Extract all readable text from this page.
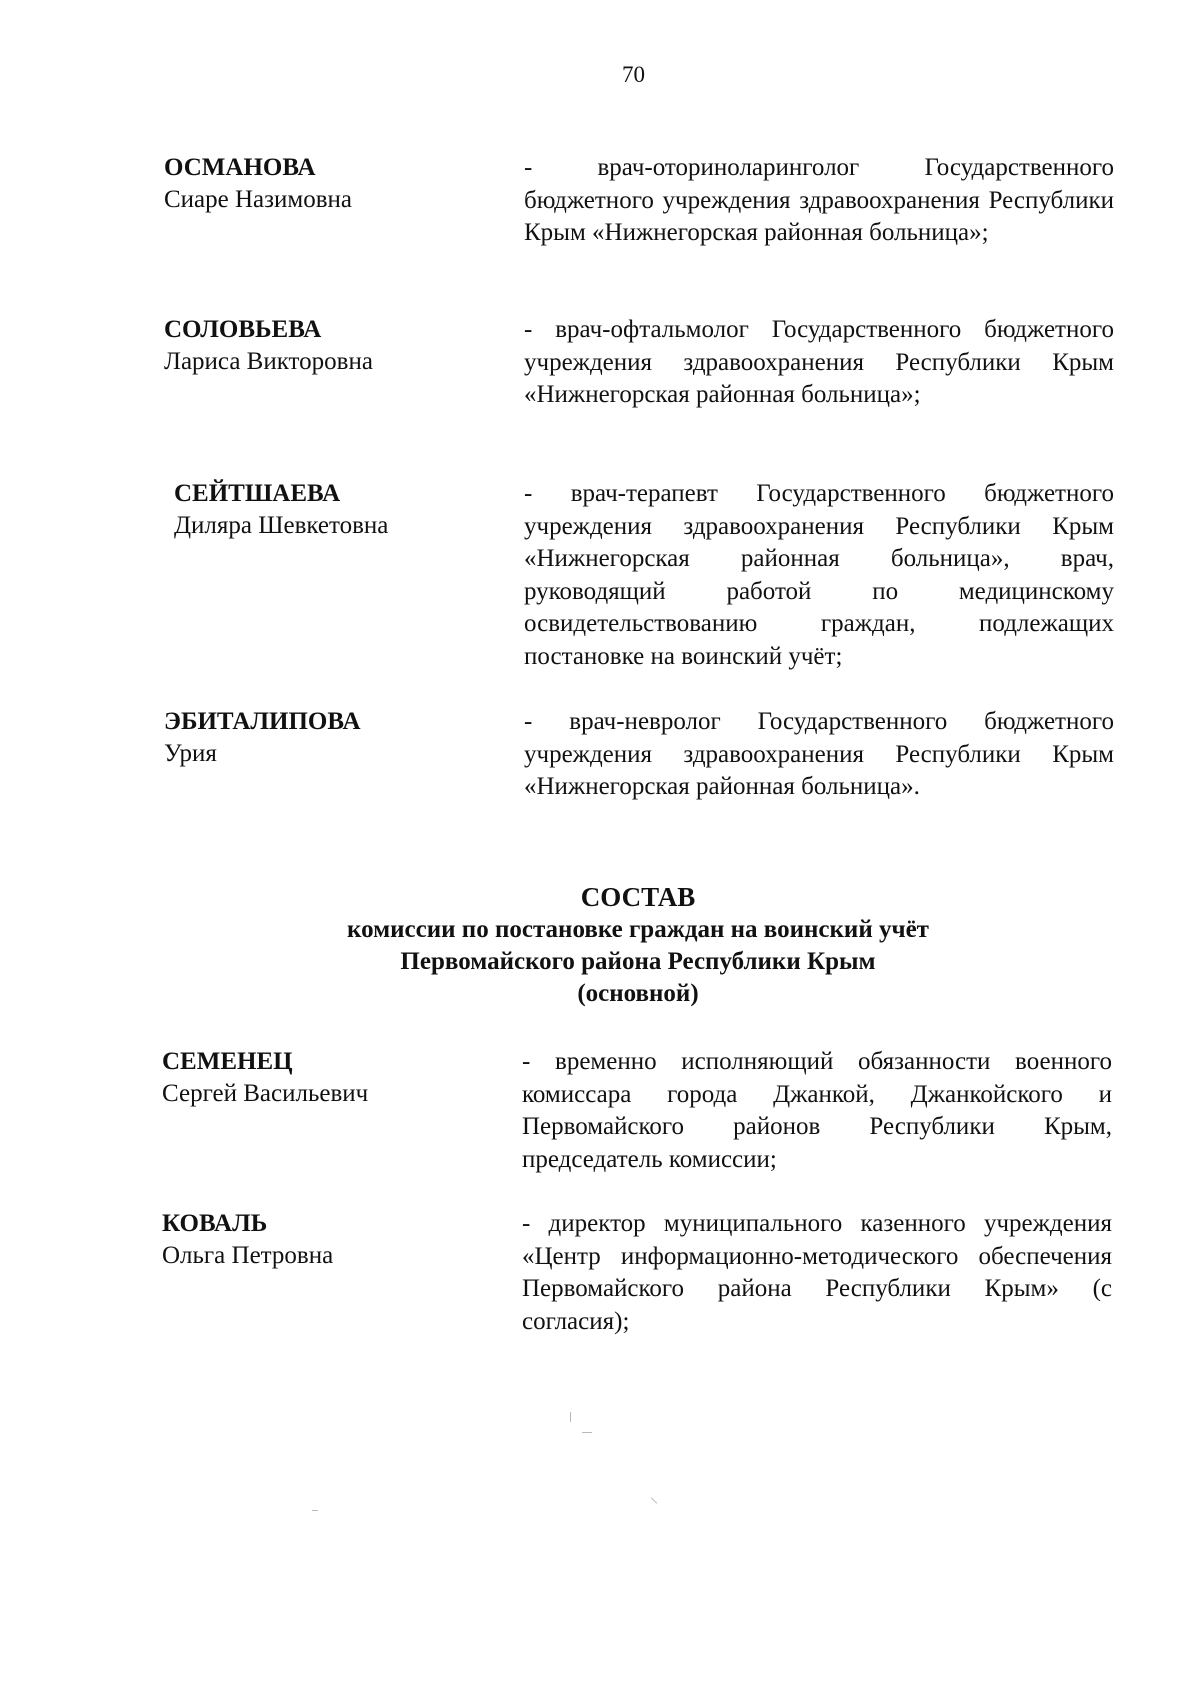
70
ОСМАНОВА
Сиаре Назимовна
- врач-оториноларинголог Государственного бюджетного учреждения здравоохранения Республики Крым «Нижнегорская районная больница»;
СОЛОВЬЕВА
Лариса Викторовна
- врач-офтальмолог Государственного бюджетного учреждения здравоохранения Республики Крым «Нижнегорская районная больница»;
СЕЙТШАЕВА
Диляра Шевкетовна
- врач-терапевт Государственного бюджетного учреждения здравоохранения Республики Крым «Нижнегорская районная больница», врач, руководящий работой по медицинскому освидетельствованию граждан, подлежащих постановке на воинский учёт;
ЭБИТАЛИПОВА
Урия
- врач-невролог Государственного бюджетного учреждения здравоохранения Республики Крым «Нижнегорская районная больница».
СОСТАВ
комиссии по постановке граждан на воинский учёт
Первомайского района Республики Крым
(основной)
СЕМЕНЕЦ
Сергей Васильевич
- временно исполняющий обязанности военного комиссара города Джанкой, Джанкойского и Первомайского районов Республики Крым, председатель комиссии;
КОВАЛЬ
Ольга Петровна
- директор муниципального казенного учреждения «Центр информационно-методического обеспечения Первомайского района Республики Крым» (с согласия);
